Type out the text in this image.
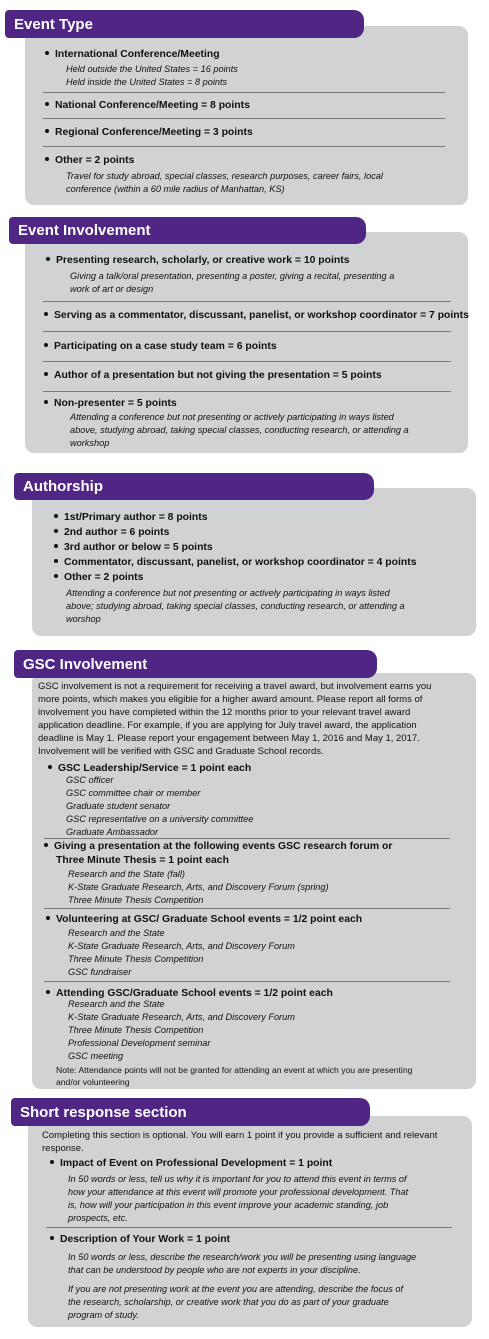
Event Type
International Conference/Meeting
Held outside the United States = 16 points
Held inside the United States = 8 points
National Conference/Meeting = 8 points
Regional Conference/Meeting = 3 points
Other = 2 points
Travel for study abroad, special classes, research purposes, career fairs, local
conference (within a 60 mile radius of Manhattan, KS)
Event Involvement
Presenting research, scholarly, or creative work = 10 points
Giving a talk/oral presentation, presenting a poster, giving a recital, presenting a
work of art or design
Serving as a commentator, discussant, panelist, or workshop coordinator = 7 points
Participating on a case study team = 6 points
Author of a presentation but not giving the presentation = 5 points
Non-presenter = 5 points
Attending a conference but not presenting or actively participating in ways listed
above, studying abroad, taking special classes, conducting research, or attending a
workshop
Authorship
1st/Primary author = 8 points
2nd author = 6 points
3rd author or below = 5 points
Commentator, discussant, panelist, or workshop coordinator = 4 points
Other = 2 points
Attending a conference but not presenting or actively participating in ways listed
above; studying abroad, taking special classes, conducting research, or attending a
worshop
GSC Involvement
GSC involvement is not a requirement for receiving a travel award, but involvement earns you
more points, which makes you eligible for a higher award amount. Please report all forms of
involvement you have completed within the 12 months prior to your relevant travel award
application deadline. For example, if you are applying for July travel award, the application
deadline is May 1. Please report your engagement between May 1, 2016 and May 1, 2017.
Involvement will be verified with GSC and Graduate School records.
GSC Leadership/Service = 1 point each
GSC officer
GSC committee chair or member
Graduate student senator
GSC representative on a university committee
Graduate Ambassador
Giving a presentation at the following events GSC research forum or
Three Minute Thesis = 1 point each
Research and the State (fall)
K-State Graduate Research, Arts, and Discovery Forum (spring)
Three Minute Thesis Competition
Volunteering at GSC/ Graduate School events = 1/2 point each
Research and the State
K-State Graduate Research, Arts, and Discovery Forum
Three Minute Thesis Competition
GSC fundraiser
Attending GSC/Graduate School events = 1/2 point each
Research and the State
K-State Graduate Research, Arts, and Discovery Forum
Three Minute Thesis Competition
Professional Development seminar
GSC meeting
Note: Attendance points will not be granted for attending an event at which you are presenting
and/or volunteering
Short response section
Completing this section is optional. You will earn 1 point if you provide a sufficient and relevant
response.
Impact of Event on Professional Development = 1 point
In 50 words or less, tell us why it is important for you to attend this event in terms of
how your attendance at this event will promote your professional development. That
is, how will your participation in this event improve your academic standing, job
prospects, etc.
Description of Your Work = 1 point
In 50 words or less, describe the research/work you will be presenting using language
that can be understood by people who are not experts in your discipline.
If you are not presenting work at the event you are attending, describe the focus of
the research, scholarship, or creative work that you do as part of your graduate
program of study.
